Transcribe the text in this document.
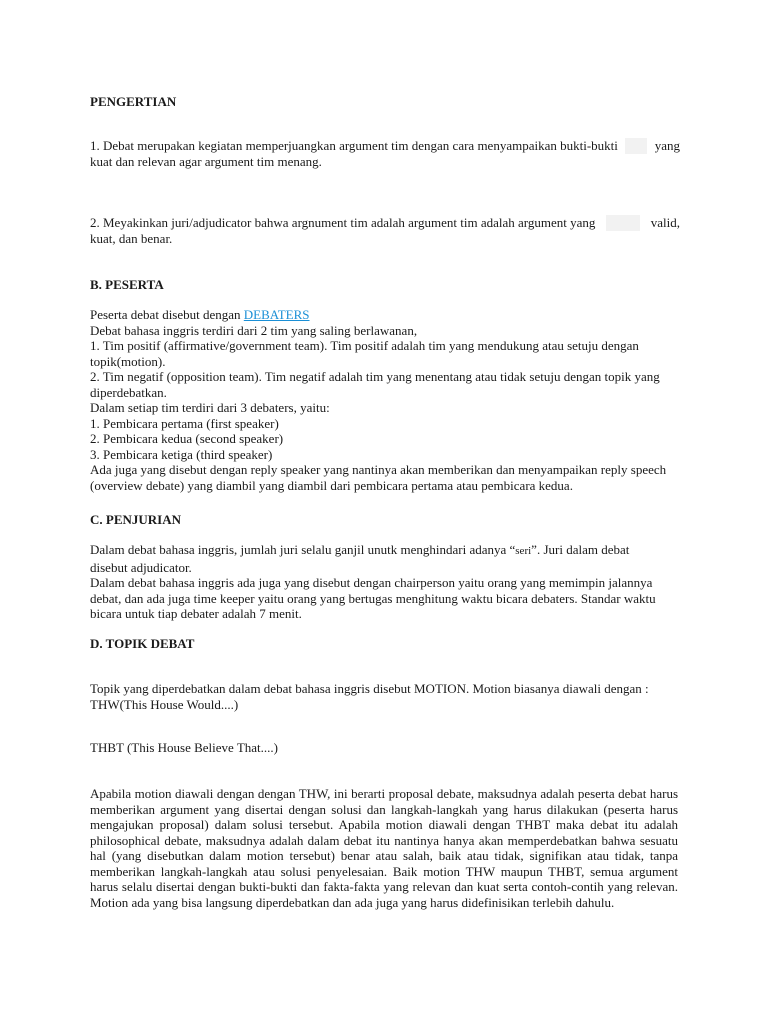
PENGERTIAN

1. Debat merupakan kegiatan memperjuangkan argument tim dengan cara menyampaikan bukti-bukti	yang
kuat dan relevan agar argument tim menang.
2. Meyakinkan juri/adjudicator bahwa argnument tim adalah argument tim adalah argument yang	valid,
kuat, dan benar.

B. PESERTA

Peserta debat disebut dengan DEBATERS
Debat bahasa inggris terdiri dari 2 tim yang saling berlawanan,
1. Tim positif (affirmative/government team). Tim positif adalah tim yang mendukung atau setuju dengan
topik(motion).
2. Tim negatif (opposition team). Tim negatif adalah tim yang menentang atau tidak setuju dengan topik yang
diperdebatkan.
Dalam setiap tim terdiri dari 3 debaters, yaitu:
1. Pembicara pertama (first speaker)
2. Pembicara kedua (second speaker)
3. Pembicara ketiga (third speaker)
Ada juga yang disebut dengan reply speaker yang nantinya akan memberikan dan menyampaikan reply speech
(overview debate) yang diambil yang diambil dari pembicara pertama atau pembicara kedua.

C. PENJURIAN

Dalam debat bahasa inggris, jumlah juri selalu ganjil unutk menghindari adanya “seri”. Juri dalam debat
disebut adjudicator.
Dalam debat bahasa inggris ada juga yang disebut dengan chairperson yaitu orang yang memimpin jalannya
debat, dan ada juga time keeper yaitu orang yang bertugas menghitung waktu bicara debaters. Standar waktu
bicara untuk tiap debater adalah 7 menit.

D. TOPIK DEBAT

Topik yang diperdebatkan dalam debat bahasa inggris disebut MOTION. Motion biasanya diawali dengan :
THW(This House Would....)

THBT (This House Believe That....)

Apabila motion diawali dengan dengan THW, ini berarti proposal debate, maksudnya adalah peserta debat harus memberikan argument yang disertai dengan solusi dan langkah-langkah yang harus dilakukan (peserta harus mengajukan proposal) dalam solusi tersebut. Apabila motion diawali dengan THBT maka debat itu adalah philosophical debate, maksudnya adalah dalam debat itu nantinya hanya akan memperdebatkan bahwa sesuatu hal (yang disebutkan dalam motion tersebut) benar atau salah, baik atau tidak, signifikan atau tidak, tanpa memberikan langkah-langkah atau solusi penyelesaian. Baik motion THW maupun THBT, semua argument harus selalu disertai dengan bukti-bukti dan fakta-fakta yang relevan dan kuat serta contoh-contih yang relevan. Motion ada yang bisa langsung diperdebatkan dan ada juga yang harus didefinisikan terlebih dahulu.
